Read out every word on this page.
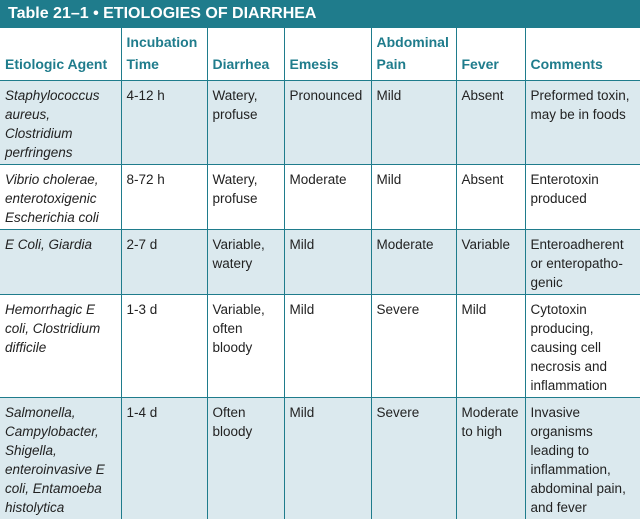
Table 21–1 • ETIOLOGIES OF DIARRHEA
Etiologic Agent	Incubation Time	Diarrhea	Emesis	Abdominal Pain	Fever	Comments
Staphylococcus aureus, Clostridium perfringens	4-12 h	Watery, profuse	Pronounced	Mild	Absent	Preformed toxin, may be in foods
Vibrio cholerae, enterotoxigenic Escherichia coli	8-72 h	Watery, profuse	Moderate	Mild	Absent	Enterotoxin produced
E Coli, Giardia	2-7 d	Variable, watery	Mild	Moderate	Variable	Enteroadherent or enteropatho-genic
Hemorrhagic E coli, Clostridium difficile	1-3 d	Variable, often bloody	Mild	Severe	Mild	Cytotoxin producing, causing cell necrosis and inflammation
Salmonella, Campylobacter, Shigella, enteroinvasive E coli, Entamoeba histolytica	1-4 d	Often bloody	Mild	Severe	Moderate to high	Invasive organisms leading to inflammation, abdominal pain, and fever
